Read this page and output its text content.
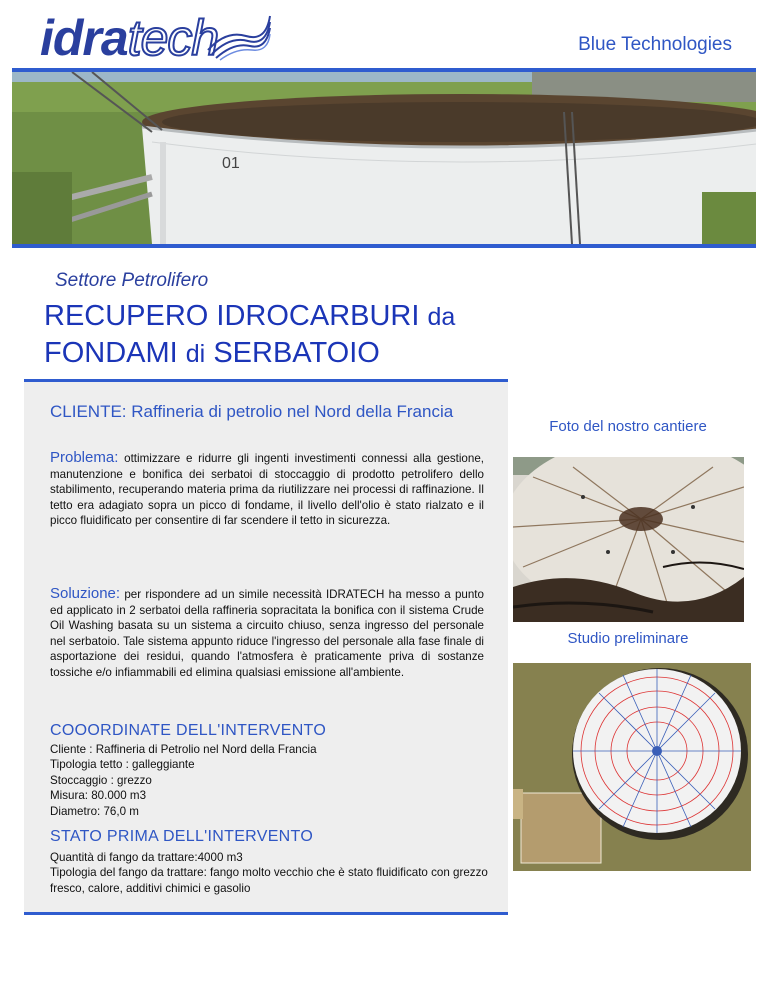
idratech	Blue Technologies
01
Settore Petrolifero
RECUPERO IDROCARBURI da
FONDAMI di SERBATOIO
CLIENTE: Raffineria di petrolio nel Nord della Francia
Problema: ottimizzare e ridurre gli ingenti investimenti connessi alla gestione, manutenzione e bonifica dei serbatoi di stoccaggio di prodotto petrolifero dello stabilimento, recuperando materia prima da riutilizzare nei processi di raffinazione. Il tetto era adagiato sopra un picco di fondame, il livello dell'olio è stato rialzato e il picco fluidificato per consentire di far scendere il tetto in sicurezza.
Soluzione: per rispondere ad un simile necessità IDRATECH ha messo a punto ed applicato in 2 serbatoi della raffineria sopracitata la bonifica con il sistema Crude Oil Washing basata su un sistema a circuito chiuso, senza ingresso del personale nel serbatoio. Tale sistema appunto riduce l'ingresso del personale alla fase finale di asportazione dei residui, quando l'atmosfera è praticamente priva di sostanze tossiche e/o infiammabili ed elimina qualsiasi emissione all'ambiente.
COOORDINATE DELL'INTERVENTO
Cliente : Raffineria di Petrolio nel Nord della Francia
Tipologia tetto : galleggiante
Stoccaggio : grezzo
Misura: 80.000 m3
Diametro: 76,0 m
STATO PRIMA DELL'INTERVENTO
Quantità di fango da trattare:4000 m3
Tipologia del fango da trattare: fango molto vecchio che è stato fluidificato con grezzo fresco, calore, additivi chimici e gasolio
Foto del nostro cantiere
Studio preliminare
